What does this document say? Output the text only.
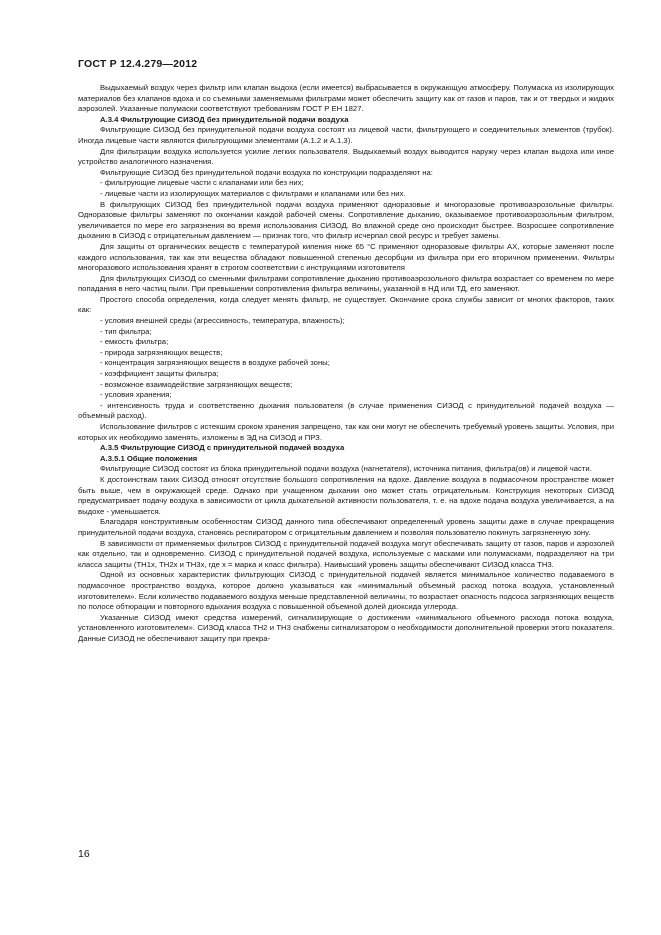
ГОСТ Р 12.4.279—2012

Выдыхаемый воздух через фильтр или клапан выдоха (если имеется) выбрасывается в окружающую атмосферу. Полумаска из изолирующих материалов без клапанов вдоха и со съемными заменяемыми фильтрами может обеспечить защиту как от газов и паров, так и от твердых и жидких аэрозолей. Указанные полумаски соответствуют требованиям ГОСТ Р ЕН 1827.

А.3.4 Фильтрующие СИЗОД без принудительной подачи воздуха

Фильтрующие СИЗОД без принудительной подачи воздуха состоят из лицевой части, фильтрующего и соединительных элементов (трубок). Иногда лицевые части являются фильтрующими элементами (А.1.2 и А.1.3).

Для фильтрации воздуха используется усилие легких пользователя. Выдыхаемый воздух выводится наружу через клапан выдоха или иное устройство аналогичного назначения.

Фильтрующие СИЗОД без принудительной подачи воздуха по конструкции подразделяют на:

- фильтрующие лицевые части с клапанами или без них;

- лицевые части из изолирующих материалов с фильтрами и клапанами или без них.

В фильтрующих СИЗОД без принудительной подачи воздуха применяют одноразовые и многоразовые противоаэрозольные фильтры. Одноразовые фильтры заменяют по окончании каждой рабочей смены. Сопротивление дыханию, оказываемое противоаэрозольным фильтром, увеличивается по мере его загрязнения во время использования СИЗОД. Во влажной среде оно происходит быстрее. Возросшее сопротивление дыханию в СИЗОД с отрицательным давлением — признак того, что фильтр исчерпал свой ресурс и требует замены.

Для защиты от органических веществ с температурой кипения ниже 65 °С применяют одноразовые фильтры АХ, которые заменяют после каждого использования, так как эти вещества обладают повышенной степенью десорбции из фильтра при его вторичном применении. Фильтры многоразового использования хранят в строгом соответствии с инструкциями изготовителя

Для фильтрующих СИЗОД со сменными фильтрами сопротивление дыханию противоаэрозольного фильтра возрастает со временем по мере попадания в него частиц пыли. При превышении сопротивления фильтра величины, указанной в НД или ТД, его заменяют.

Простого способа определения, когда следует менять фильтр, не существует. Окончание срока службы зависит от многих факторов, таких как:

- условия внешней среды (агрессивность, температура, влажность);

- тип фильтра;

- емкость фильтра;

- природа загрязняющих веществ;

- концентрация загрязняющих веществ в воздухе рабочей зоны;

- коэффициент защиты фильтра;

- возможное взаимодействие загрязняющих веществ;

- условия хранения;

- интенсивность труда и соответственно дыхания пользователя (в случае применения СИЗОД с принудительной подачей воздуха — объемный расход).

Использование фильтров с истекшим сроком хранения запрещено, так как они могут не обеспечить требуемый уровень защиты. Условия, при которых их необходимо заменять, изложены в ЭД на СИЗОД и ПРЗ.

А.3.5 Фильтрующие СИЗОД с принудительной подачей воздуха

А.3.5.1 Общие положения

Фильтрующие СИЗОД состоят из блока принудительной подачи воздуха (нагнетателя), источника питания, фильтра(ов) и лицевой части.

К достоинствам таких СИЗОД относят отсутствие большого сопротивления на вдохе. Давление воздуха в подмасочном пространстве может быть выше, чем в окружающей среде. Однако при учащенном дыхании оно может стать отрицательным. Конструкция некоторых СИЗОД предусматривает подачу воздуха в зависимости от цикла дыхательной активности пользователя, т. е. на вдохе подача воздуха увеличивается, а на выдохе - уменьшается.

Благодаря конструктивным особенностям СИЗОД данного типа обеспечивают определенный уровень защиты даже в случае прекращения принудительной подачи воздуха, становясь респиратором с отрицательным давлением и позволяя пользователю покинуть загрязненную зону.

В зависимости от применяемых фильтров СИЗОД с принудительной подачей воздуха могут обеспечивать защиту от газов, паров и аэрозолей как отдельно, так и одновременно. СИЗОД с принудительной подачей воздуха, используемые с масками или полумасками, подразделяют на три класса защиты (ТН1х, ТН2х и ТН3х, где х = марка и класс фильтра). Наивысший уровень защиты обеспечивают СИЗОД класса ТН3.

Одной из основных характеристик фильтрующих СИЗОД с принудительной подачей является минимальное количество подаваемого в подмасочное пространство воздуха, которое должно указываться как «минимальный объемный расход потока воздуха, установленный изготовителем». Если количество подаваемого воздуха меньше представленной величины, то возрастает опасность подсоса загрязняющих веществ по полосе обтюрации и повторного вдыхания воздуха с повышенной объемной долей диоксида углерода.

Указанные СИЗОД имеют средства измерений, сигнализирующие о достижении «минимального объемного расхода потока воздуха, установленного изготовителем». СИЗОД класса ТН2 и ТН3 снабжены сигнализатором о необходимости дополнительной проверки этого показателя. Данные СИЗОД не обеспечивают защиту при прекра-

16
